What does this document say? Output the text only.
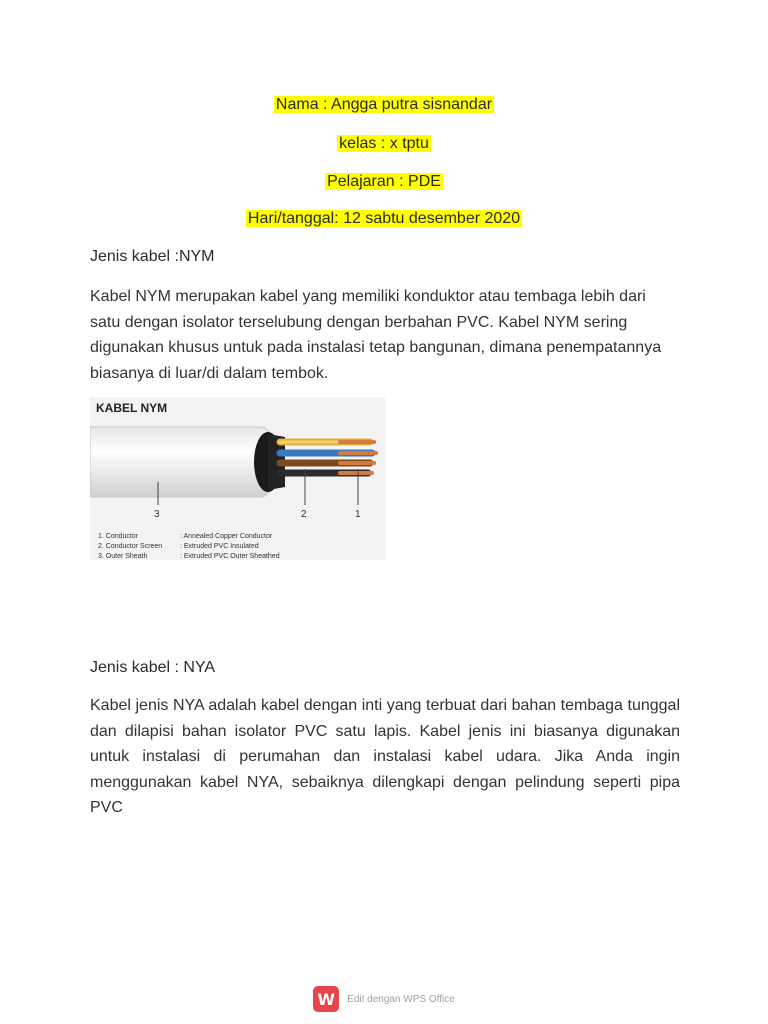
Nama : Angga putra sisnandar
kelas : x tptu
Pelajaran : PDE
Hari/tanggal: 12 sabtu desember 2020
Jenis kabel :NYM
Kabel NYM merupakan kabel yang memiliki konduktor atau tembaga lebih dari satu dengan isolator terselubung dengan berbahan PVC. Kabel NYM sering digunakan khusus untuk pada instalasi tetap bangunan, dimana penempatannya biasanya di luar/di dalam tembok.
KABEL NYM
3	2	1
1. Conductor	: Annealed Copper Conductor
2. Conductor Screen	: Extruded PVC Insulated
3. Outer Sheath	: Extruded PVC Outer Sheathed
Jenis kabel : NYA
Kabel jenis NYA adalah kabel dengan inti yang terbuat dari bahan tembaga tunggal dan dilapisi bahan isolator PVC satu lapis. Kabel jenis ini biasanya digunakan untuk instalasi di perumahan dan instalasi kabel udara. Jika Anda ingin menggunakan kabel NYA, sebaiknya dilengkapi dengan pelindung seperti pipa PVC
W	Edit dengan WPS Office
